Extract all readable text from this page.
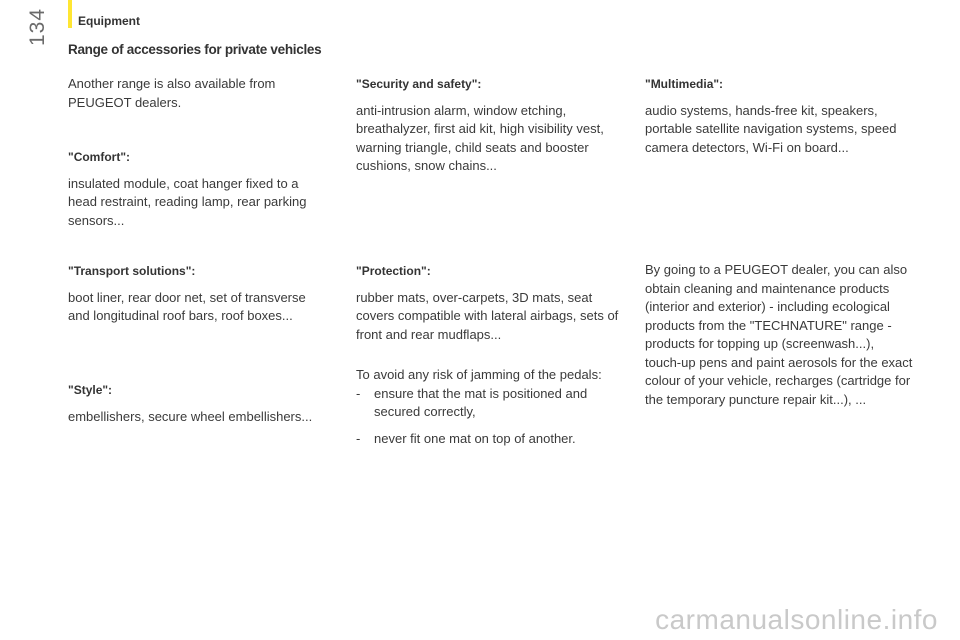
Equipment
134
Range of accessories for private vehicles
Another range is also available from PEUGEOT dealers.
"Comfort":
insulated module, coat hanger fixed to a head restraint, reading lamp, rear parking sensors...
"Transport solutions":
boot liner, rear door net, set of transverse and longitudinal roof bars, roof boxes...
"Style":
embellishers, secure wheel embellishers...
"Security and safety":
anti-intrusion alarm, window etching, breathalyzer, first aid kit, high visibility vest, warning triangle, child seats and booster cushions, snow chains...
"Protection":
rubber mats, over-carpets, 3D mats, seat covers compatible with lateral airbags, sets of front and rear mudflaps...
To avoid any risk of jamming of the pedals:
- ensure that the mat is positioned and secured correctly,
- never fit one mat on top of another.
"Multimedia":
audio systems, hands-free kit, speakers, portable satellite navigation systems, speed camera detectors, Wi-Fi on board...
By going to a PEUGEOT dealer, you can also obtain cleaning and maintenance products (interior and exterior) - including ecological products from the "TECHNATURE" range - products for topping up (screenwash...), touch-up pens and paint aerosols for the exact colour of your vehicle, recharges (cartridge for the temporary puncture repair kit...), ...
carmanualsonline.info
